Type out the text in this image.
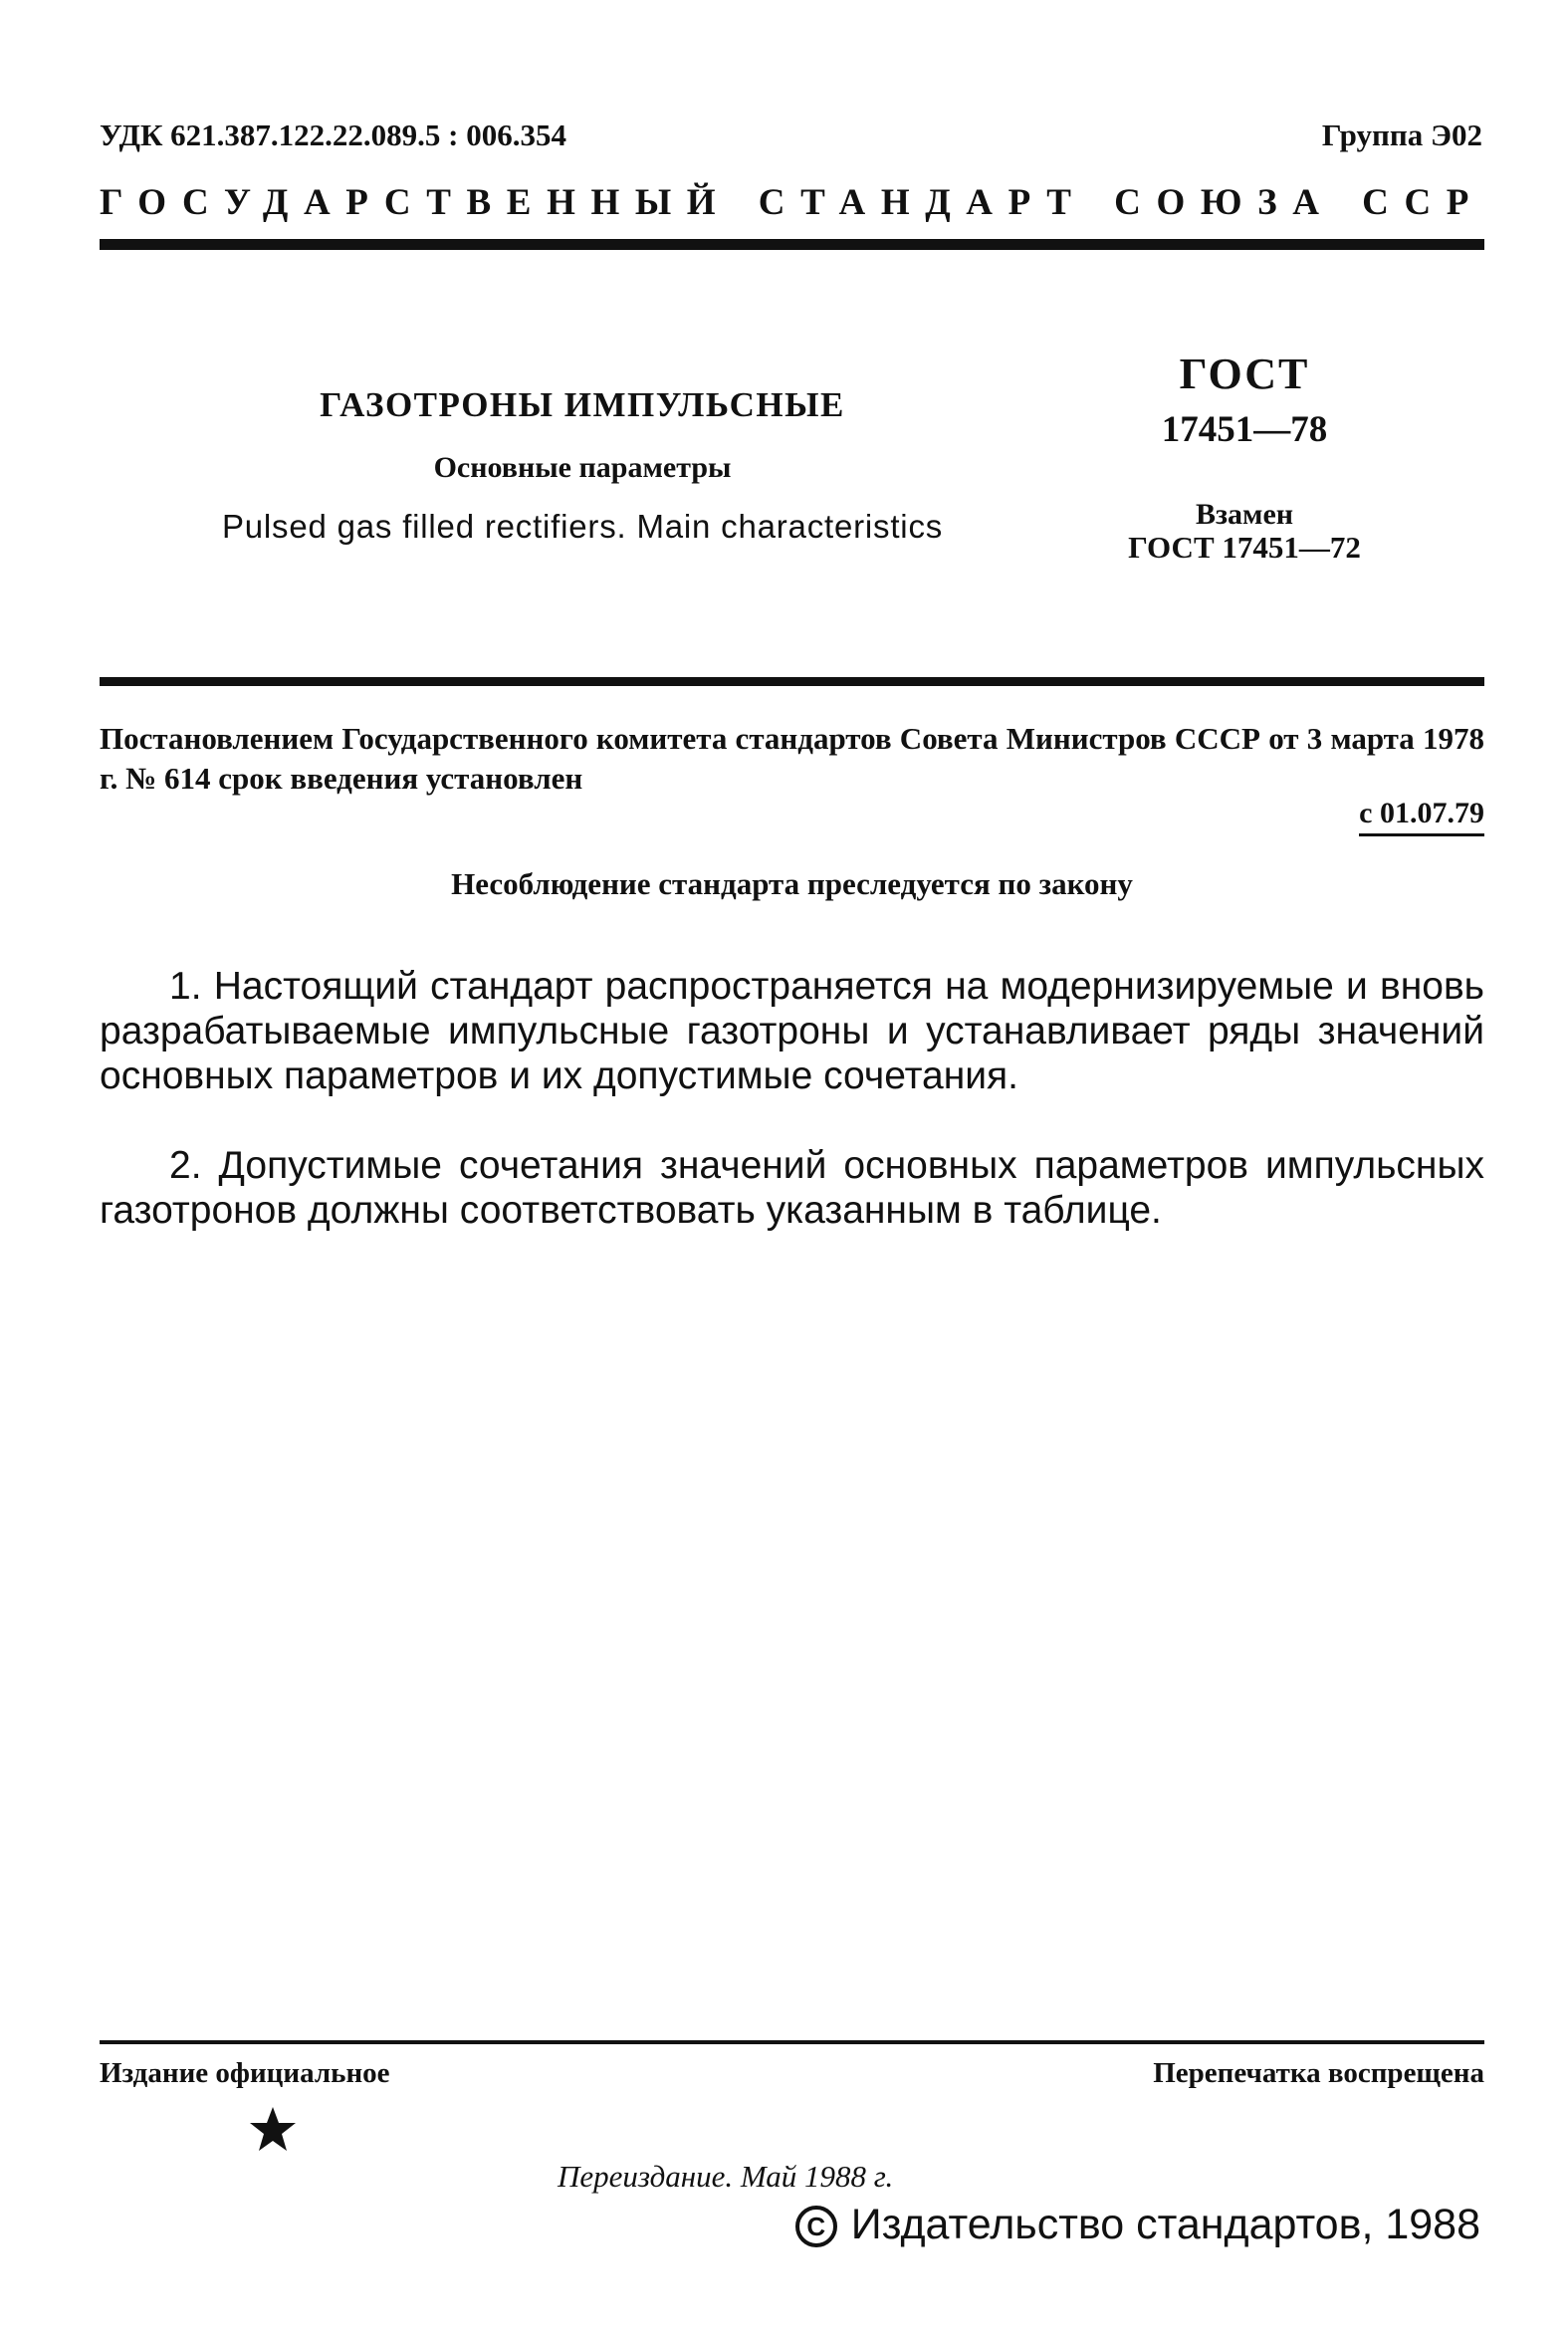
УДК 621.387.122.22.089.5 : 006.354	Группа Э02
ГОСУДАРСТВЕННЫЙ СТАНДАРТ СОЮЗА ССР
ГАЗОТРОНЫ ИМПУЛЬСНЫЕ
Основные параметры
Pulsed gas filled rectifiers. Main characteristics
ГОСТ
17451—78
Взамен
ГОСТ 17451—72
Постановлением Государственного комитета стандартов Совета Министров СССР от 3 марта 1978 г. № 614 срок введения установлен
с 01.07.79
Несоблюдение стандарта преследуется по закону
1. Настоящий стандарт распространяется на модернизируемые и вновь разрабатываемые импульсные газотроны и устанавливает ряды значений основных параметров и их допустимые сочетания.
2. Допустимые сочетания значений основных параметров импульсных газотронов должны соответствовать указанным в таблице.
Издание официальное	Перепечатка воспрещена
Переиздание. Май 1988 г.
C Издательство стандартов, 1988
